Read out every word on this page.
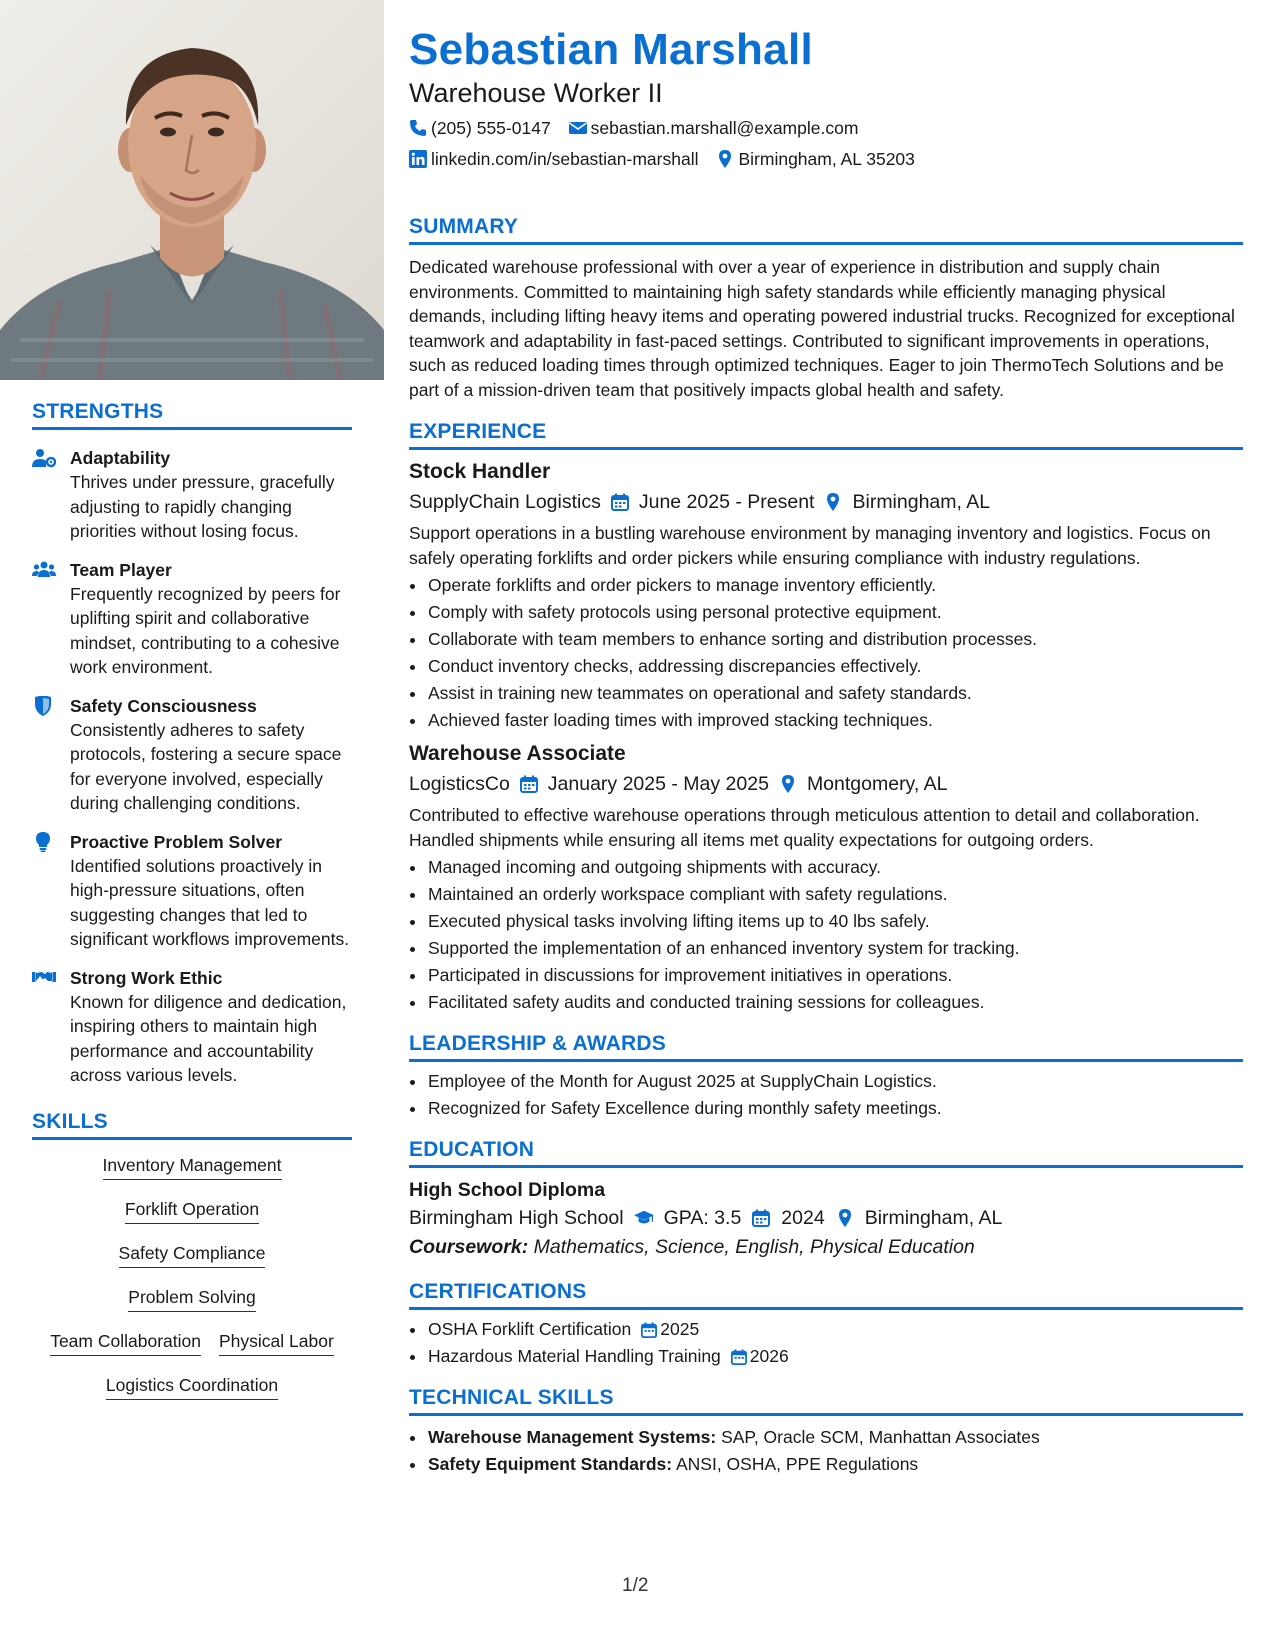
STRENGTHS
Adaptability
Thrives under pressure, gracefully adjusting to rapidly changing priorities without losing focus.
Team Player
Frequently recognized by peers for uplifting spirit and collaborative mindset, contributing to a cohesive work environment.
Safety Consciousness
Consistently adheres to safety protocols, fostering a secure space for everyone involved, especially during challenging conditions.
Proactive Problem Solver
Identified solutions proactively in high-pressure situations, often suggesting changes that led to significant workflows improvements.
Strong Work Ethic
Known for diligence and dedication, inspiring others to maintain high performance and accountability across various levels.
SKILLS
Inventory Management
Forklift Operation
Safety Compliance
Problem Solving
Team Collaboration Physical Labor
Logistics Coordination
Sebastian Marshall
Warehouse Worker II
(205) 555-0147 sebastian.marshall@example.com
linkedin.com/in/sebastian-marshall Birmingham, AL 35203
SUMMARY
Dedicated warehouse professional with over a year of experience in distribution and supply chain environments. Committed to maintaining high safety standards while efficiently managing physical demands, including lifting heavy items and operating powered industrial trucks. Recognized for exceptional teamwork and adaptability in fast-paced settings. Contributed to significant improvements in operations, such as reduced loading times through optimized techniques. Eager to join ThermoTech Solutions and be part of a mission-driven team that positively impacts global health and safety.
EXPERIENCE
Stock Handler
SupplyChain Logistics June 2025 - Present Birmingham, AL
Support operations in a bustling warehouse environment by managing inventory and logistics. Focus on safely operating forklifts and order pickers while ensuring compliance with industry regulations.
• Operate forklifts and order pickers to manage inventory efficiently.
• Comply with safety protocols using personal protective equipment.
• Collaborate with team members to enhance sorting and distribution processes.
• Conduct inventory checks, addressing discrepancies effectively.
• Assist in training new teammates on operational and safety standards.
• Achieved faster loading times with improved stacking techniques.
Warehouse Associate
LogisticsCo January 2025 - May 2025 Montgomery, AL
Contributed to effective warehouse operations through meticulous attention to detail and collaboration. Handled shipments while ensuring all items met quality expectations for outgoing orders.
• Managed incoming and outgoing shipments with accuracy.
• Maintained an orderly workspace compliant with safety regulations.
• Executed physical tasks involving lifting items up to 40 lbs safely.
• Supported the implementation of an enhanced inventory system for tracking.
• Participated in discussions for improvement initiatives in operations.
• Facilitated safety audits and conducted training sessions for colleagues.
LEADERSHIP & AWARDS
• Employee of the Month for August 2025 at SupplyChain Logistics.
• Recognized for Safety Excellence during monthly safety meetings.
EDUCATION
High School Diploma
Birmingham High School GPA: 3.5 2024 Birmingham, AL
Coursework: Mathematics, Science, English, Physical Education
CERTIFICATIONS
• OSHA Forklift Certification 2025
• Hazardous Material Handling Training 2026
TECHNICAL SKILLS
• Warehouse Management Systems: SAP, Oracle SCM, Manhattan Associates
• Safety Equipment Standards: ANSI, OSHA, PPE Regulations
1/2
